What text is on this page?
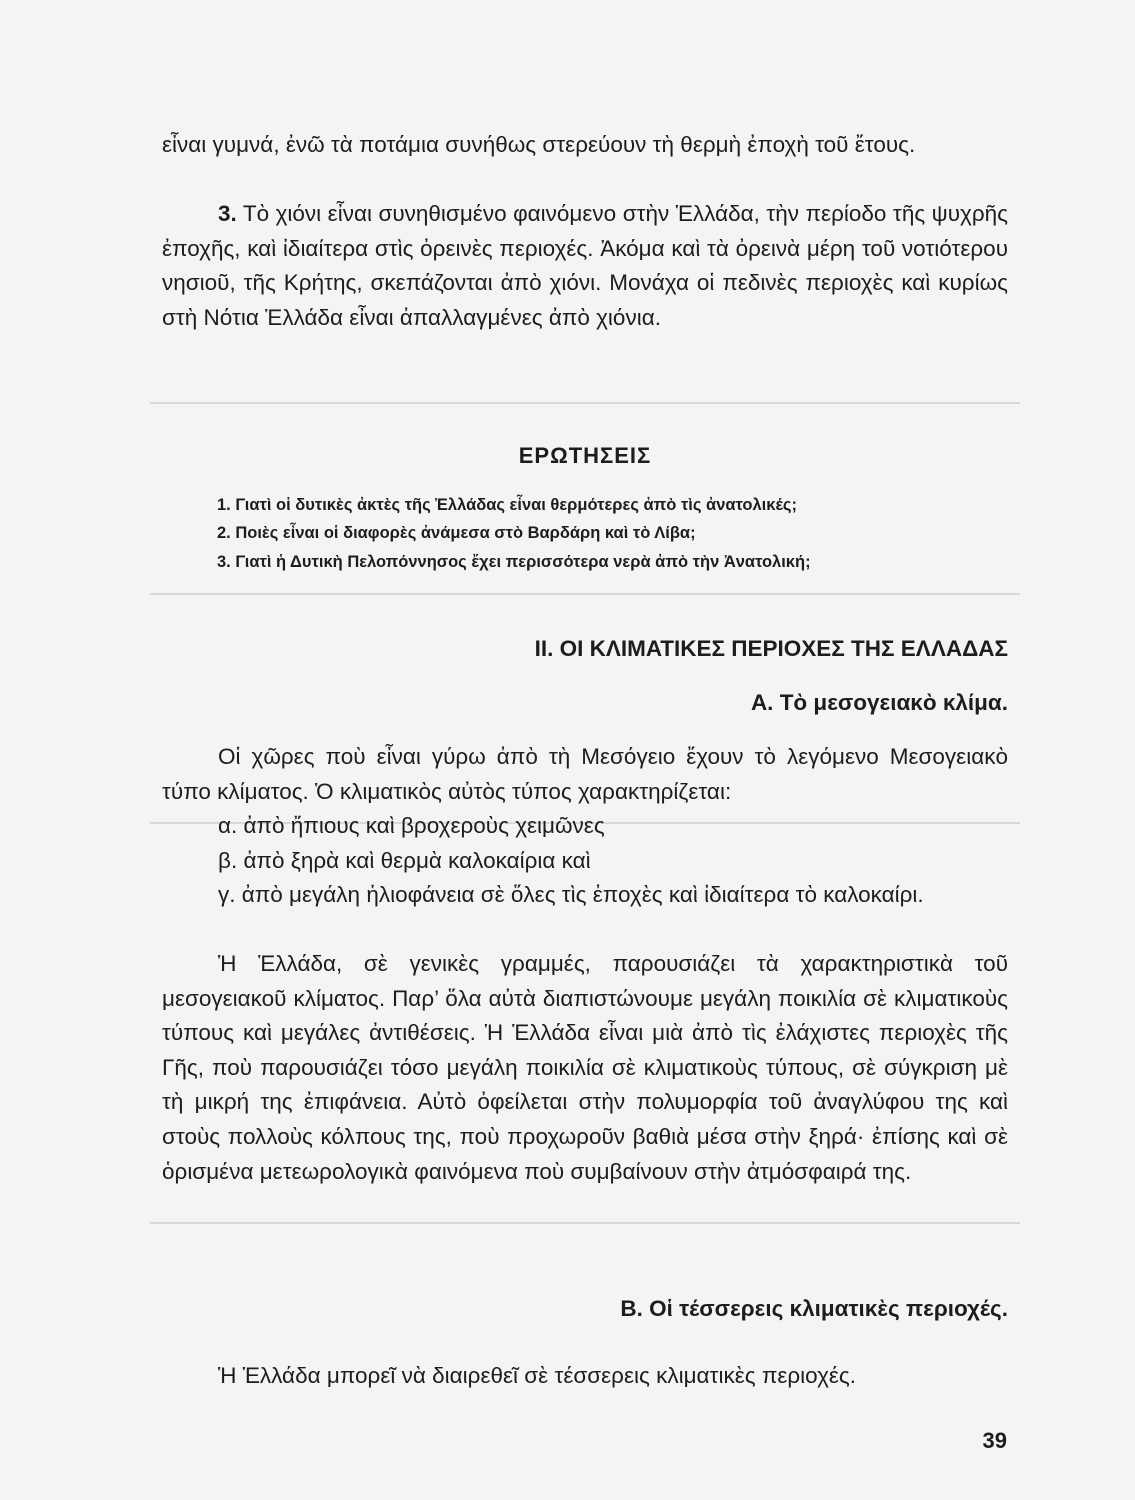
εἶναι γυμνά, ἐνῶ τὰ ποτάμια συνήθως στερεύουν τὴ θερμὴ ἐποχὴ τοῦ ἔτους.

3. Τὸ χιόνι εἶναι συνηθισμένο φαινόμενο στὴν Ἑλλάδα, τὴν περίοδο τῆς ψυχρῆς ἐποχῆς, καὶ ἰδιαίτερα στὶς ὀρεινὲς περιοχές. Ἀκόμα καὶ τὰ ὀρεινὰ μέρη τοῦ νοτιότερου νησιοῦ, τῆς Κρήτης, σκεπάζονται ἀπὸ χιόνι. Μονάχα οἱ πεδινὲς περιοχὲς καὶ κυρίως στὴ Νότια Ἑλλάδα εἶναι ἀπαλλαγμένες ἀπὸ χιόνια.

ΕΡΩΤΗΣΕΙΣ

1. Γιατὶ οἱ δυτικὲς ἀκτὲς τῆς Ἑλλάδας εἶναι θερμότερες ἀπὸ τὶς ἀνατολικές;

2. Ποιὲς εἶναι οἱ διαφορὲς ἀνάμεσα στὸ Βαρδάρη καὶ τὸ Λίβα;

3. Γιατὶ ἡ Δυτικὴ Πελοπόννησος ἔχει περισσότερα νερὰ ἀπὸ τὴν Ἀνατολική;

ΙΙ. ΟΙ ΚΛΙΜΑΤΙΚΕΣ ΠΕΡΙΟΧΕΣ ΤΗΣ ΕΛΛΑΔΑΣ
Α. Τὸ μεσογειακὸ κλίμα.

Οἱ χῶρες ποὺ εἶναι γύρω ἀπὸ τὴ Μεσόγειο ἔχουν τὸ λεγόμενο Μεσογειακὸ τύπο κλίματος. Ὁ κλιματικὸς αὐτὸς τύπος χαρακτηρίζεται:

α. ἀπὸ ἤπιους καὶ βροχεροὺς χειμῶνες

β. ἀπὸ ξηρὰ καὶ θερμὰ καλοκαίρια καὶ

γ. ἀπὸ μεγάλη ἡλιοφάνεια σὲ ὅλες τὶς ἐποχὲς καὶ ἰδιαίτερα τὸ καλοκαίρι.

Ἡ Ἑλλάδα, σὲ γενικὲς γραμμές, παρουσιάζει τὰ χαρακτηριστικὰ τοῦ μεσογειακοῦ κλίματος. Παρ’ ὅλα αὐτὰ διαπιστώνουμε μεγάλη ποικιλία σὲ κλιματικοὺς τύπους καὶ μεγάλες ἀντιθέσεις. Ἡ Ἑλλάδα εἶναι μιὰ ἀπὸ τὶς ἐλάχιστες περιοχὲς τῆς Γῆς, ποὺ παρουσιάζει τόσο μεγάλη ποικιλία σὲ κλιματικοὺς τύπους, σὲ σύγκριση μὲ τὴ μικρή της ἐπιφάνεια. Αὐτὸ ὀφείλεται στὴν πολυμορφία τοῦ ἀναγλύφου της καὶ στοὺς πολλοὺς κόλπους της, ποὺ προχωροῦν βαθιὰ μέσα στὴν ξηρά· ἐπίσης καὶ σὲ ὁρισμένα μετεωρολογικὰ φαινόμενα ποὺ συμβαίνουν στὴν ἀτμόσφαιρά της.

Β. Οἱ τέσσερεις κλιματικὲς περιοχές.

Ἡ Ἑλλάδα μπορεῖ νὰ διαιρεθεῖ σὲ τέσσερεις κλιματικὲς περιοχές.

39
